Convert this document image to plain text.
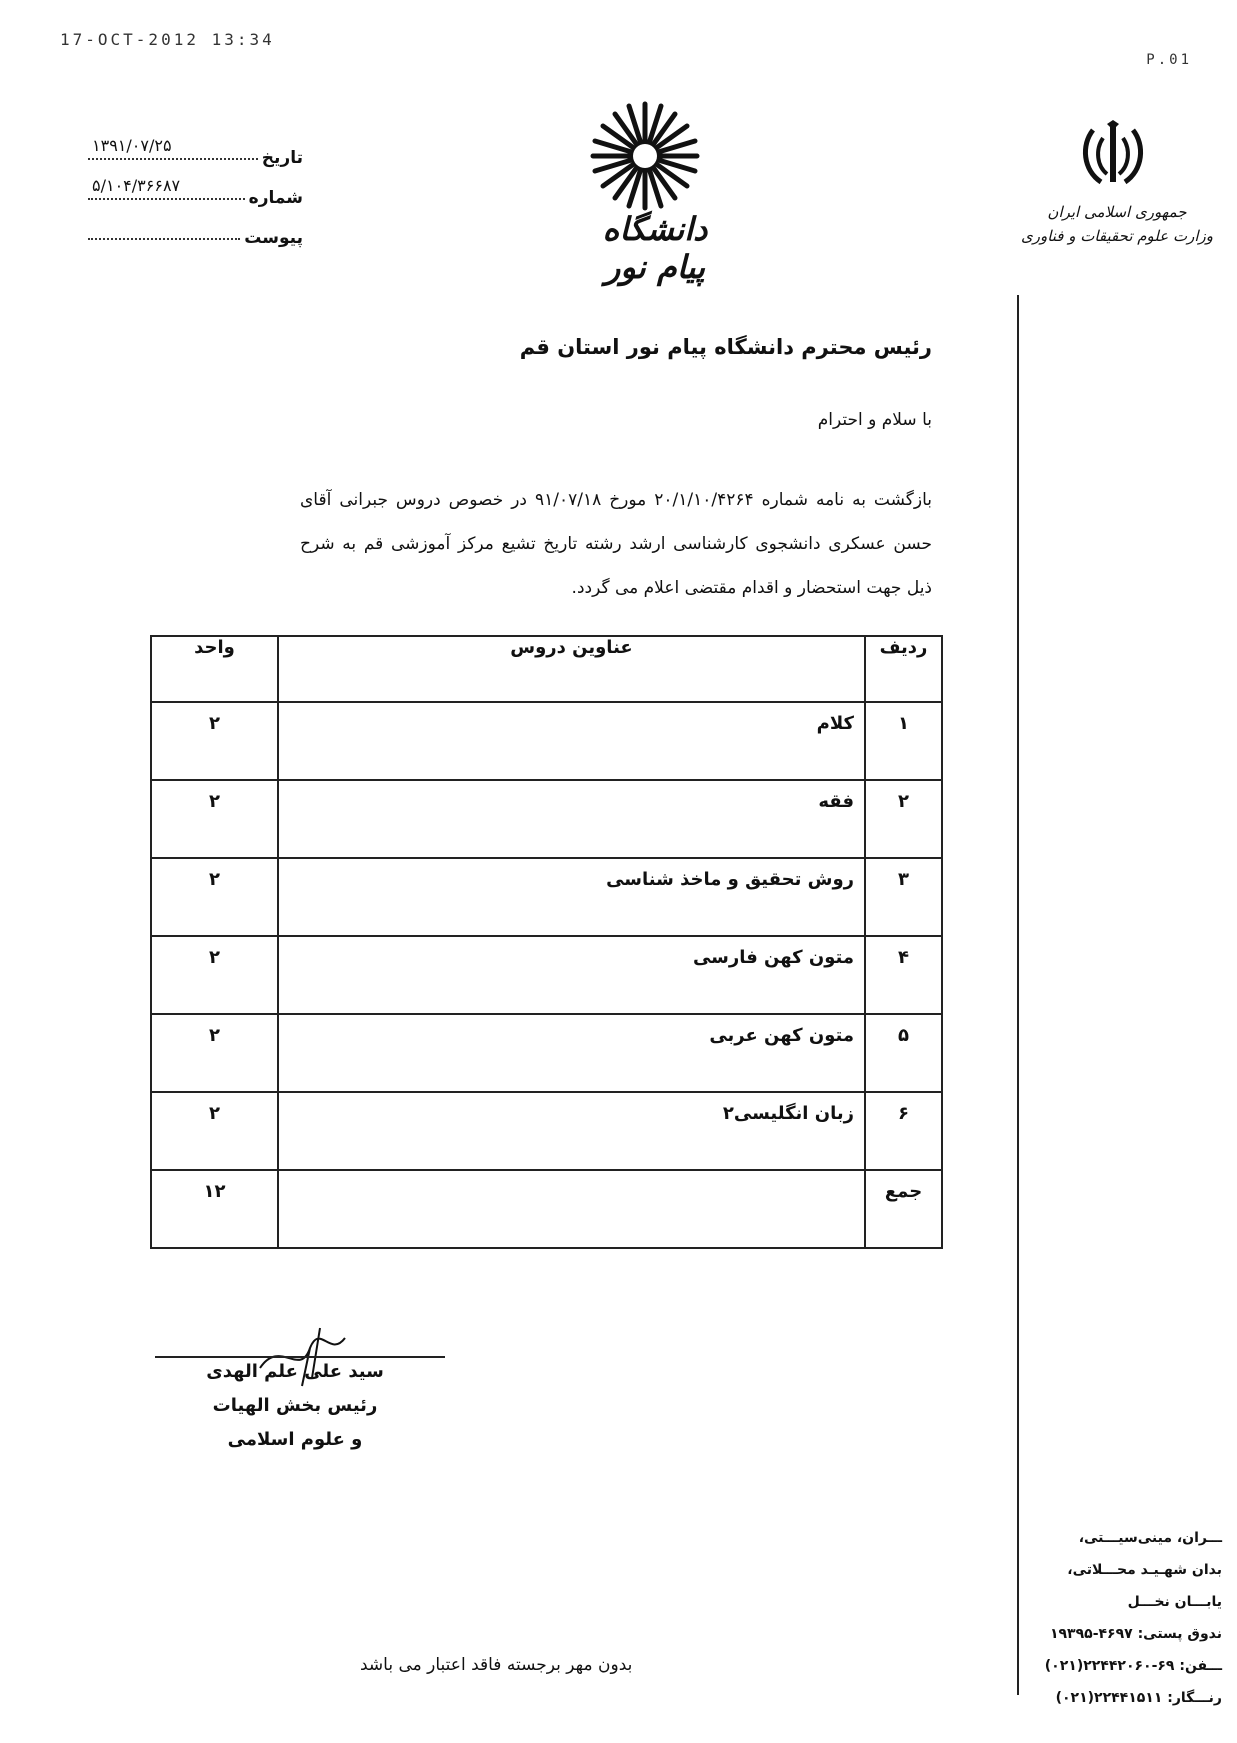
17-OCT-2012 13:34
P.01
تاريخ
۱۳۹۱/۰۷/۲۵
شماره
۵/۱۰۴/۳۶۶۸۷
پيوست	دانشگاه پيام نور
جمهوری اسلامی ایران
وزارت علوم تحقیقات و فناوری
رئيس محترم دانشگاه پيام نور استان قم
با سلام و احترام
بازگشت به نامه شماره ۲۰/۱/۱۰/۴۲۶۴ مورخ ۹۱/۰۷/۱۸ در خصوص دروس جبرانی آقای حسن عسکری دانشجوی کارشناسی ارشد رشته تاريخ تشيع مرکز آموزشی قم به شرح ذيل جهت استحضار و اقدام مقتضی اعلام می گردد.
رديف	عناوين دروس	واحد
۱	کلام	۲
۲	فقه	۲
۳	روش تحقيق و ماخذ شناسی	۲
۴	متون کهن فارسی	۲
۵	متون کهن عربی	۲
۶	زبان انگليسی۲	۲
جمع		۱۲
سيد علی علم الهدی
رئيس بخش الهيات
و علوم اسلامی
بدون مهر برجسته فاقد اعتبار می باشد
ـــران، مینی‌سیـــتی،
بدان شهـيـد محـــلاتی،
يابـــان نخـــل
ندوق پستی: ۴۶۹۷-۱۹۳۹۵
ـــفن: ۶۹-۲۲۴۴۲۰۶۰(۰۲۱)
رنـــگار: ۲۲۴۴۱۵۱۱(۰۲۱)
